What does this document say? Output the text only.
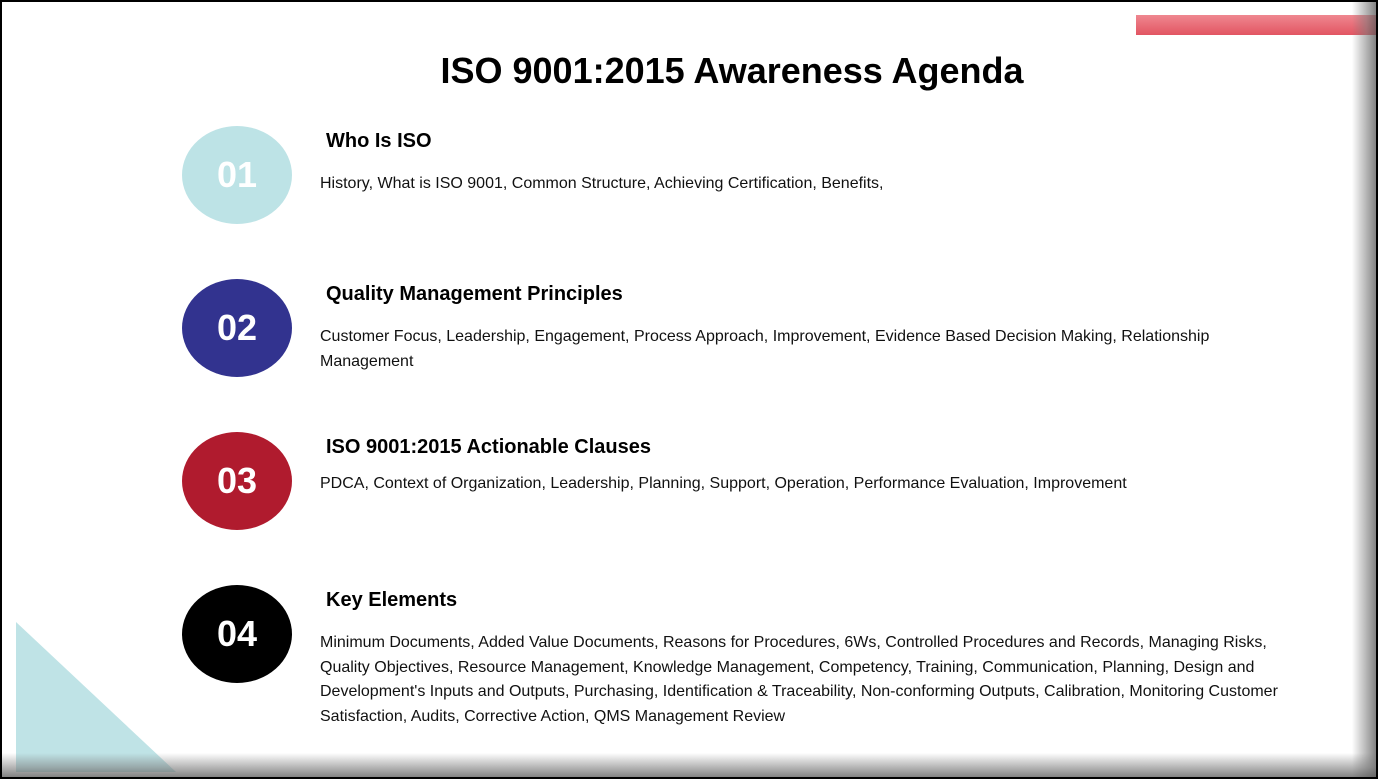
ISO 9001:2015 Awareness Agenda
01
Who Is ISO
History, What is ISO 9001, Common Structure, Achieving Certification, Benefits,
02
Quality Management Principles
Customer Focus, Leadership, Engagement, Process Approach, Improvement, Evidence Based Decision Making, Relationship Management
03
ISO 9001:2015 Actionable Clauses
PDCA, Context of Organization, Leadership, Planning, Support, Operation, Performance Evaluation, Improvement
04
Key Elements
Minimum Documents, Added Value Documents, Reasons for Procedures, 6Ws, Controlled Procedures and Records, Managing Risks, Quality Objectives, Resource Management, Knowledge Management, Competency, Training, Communication, Planning, Design and Development's Inputs and Outputs, Purchasing, Identification & Traceability, Non-conforming Outputs, Calibration, Monitoring Customer Satisfaction, Audits, Corrective Action, QMS Management Review
